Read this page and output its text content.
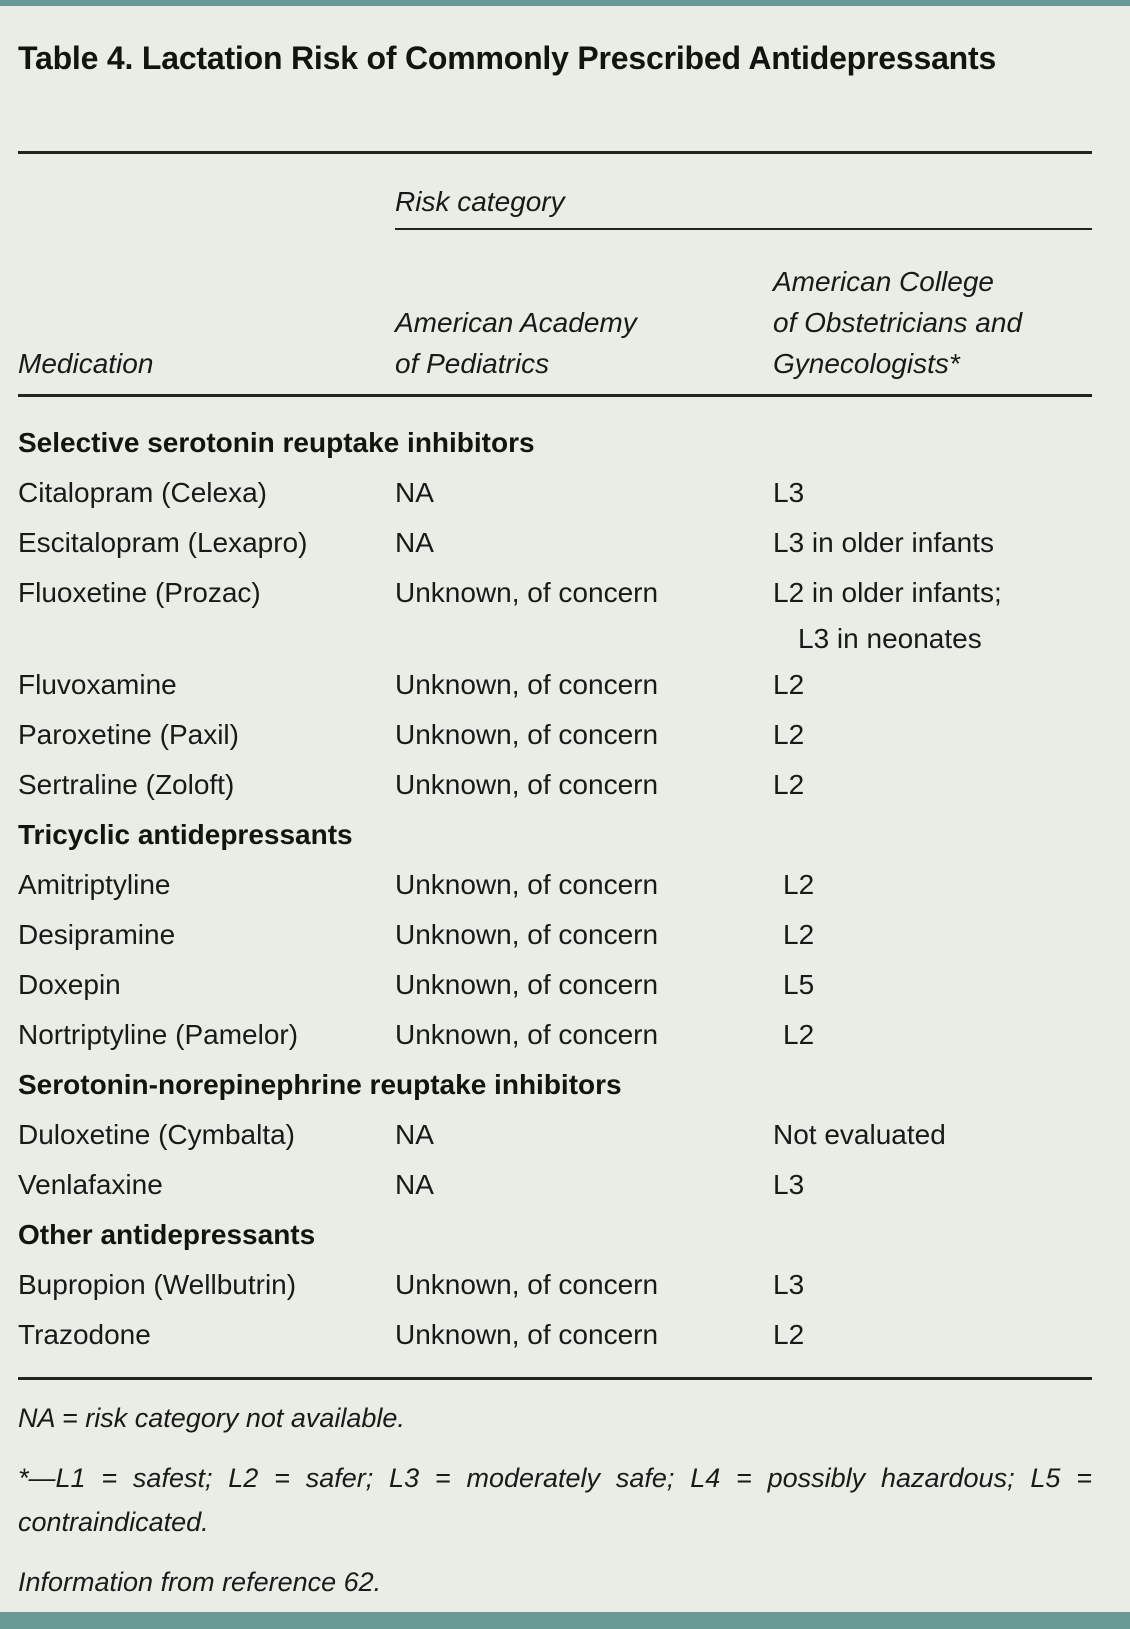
Table 4. Lactation Risk of Commonly Prescribed Antidepressants
Risk category
Medication
American Academy
of Pediatrics
American College
of Obstetricians and
Gynecologists*
Selective serotonin reuptake inhibitors
Citalopram (Celexa)	NA	L3
Escitalopram (Lexapro)	NA	L3 in older infants
Fluoxetine (Prozac)	Unknown, of concern	L2 in older infants;
L3 in neonates
Fluvoxamine	Unknown, of concern	L2
Paroxetine (Paxil)	Unknown, of concern	L2
Sertraline (Zoloft)	Unknown, of concern	L2
Tricyclic antidepressants
Amitriptyline	Unknown, of concern	L2
Desipramine	Unknown, of concern	L2
Doxepin	Unknown, of concern	L5
Nortriptyline (Pamelor)	Unknown, of concern	L2
Serotonin-norepinephrine reuptake inhibitors
Duloxetine (Cymbalta)	NA	Not evaluated
Venlafaxine	NA	L3
Other antidepressants
Bupropion (Wellbutrin)	Unknown, of concern	L3
Trazodone	Unknown, of concern	L2

NA = risk category not available.

*—L1 = safest; L2 = safer; L3 = moderately safe; L4 = possibly hazardous; L5 = contraindicated.

Information from reference 62.
